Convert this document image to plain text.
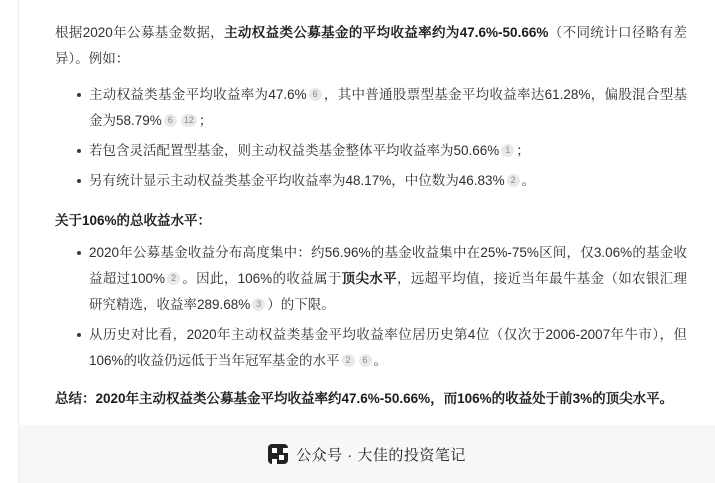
根据2020年公募基金数据，主动权益类公募基金的平均收益率约为47.6%-50.66%（不同统计口径略有差异）。例如：

主动权益类基金平均收益率为47.6% 6 ，其中普通股票型基金平均收益率达61.28%，偏股混合型基金为58.79% 6 12 ；
若包含灵活配置型基金，则主动权益类基金整体平均收益率为50.66% 1 ；
另有统计显示主动权益类基金平均收益率为48.17%，中位数为46.83% 2 。
关于106%的总收益水平：
2020年公募基金收益分布高度集中：约56.96%的基金收益集中在25%-75%区间，仅3.06%的基金收益超过100% 2 。因此，106%的收益属于顶尖水平，远超平均值，接近当年最牛基金（如农银汇理研究精选，收益率289.68% 3 ）的下限。
从历史对比看，2020年主动权益类基金平均收益率位居历史第4位（仅次于2006-2007年牛市），但106%的收益仍远低于当年冠军基金的水平 2 6 。

总结：2020年主动权益类公募基金平均收益率约47.6%-50.66%，而106%的收益处于前3%的顶尖水平。

公众号 · 大佳的投资笔记
